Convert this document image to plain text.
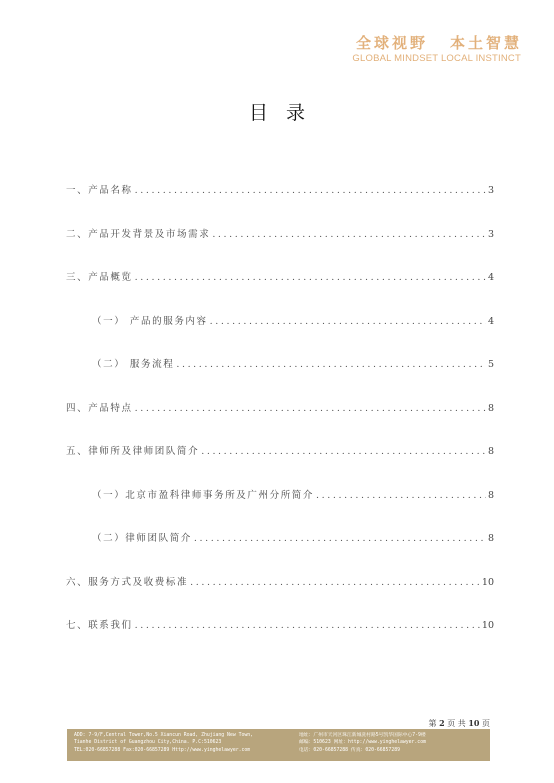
全球视野 本土智慧
GLOBAL MINDSET LOCAL INSTINCT
目录
一、产品名称 .....	3
二、产品开发背景及市场需求 .....	3
三、产品概览 .....	4
（一） 产品的服务内容 .....	4
（二） 服务流程 .....	5
四、产品特点 .....	8
五、律师所及律师团队简介 .....	8
（一）北京市盈科律师事务所及广州分所简介 .....	8
（二）律师团队简介 .....	8
六、服务方式及收费标准 .....	10
七、联系我们 .....	10
第 2 页 共 10 页
ADD: 7-9/F,Central Tower,No.5 Xiancun Road, Zhujiang New Town,
Tianhe District of Guangzhou City,China. P.C:510623
TEL:020-66857288 Fax:020-66857289 Http://www.yinghelawyer.com
地址：广州市天河区珠江新城冼村路5号凯华国际中心7-9楼
邮编：510623 网址：http://www.yinghelawyer.com
电话：020-66857288 传真：020-66857289
